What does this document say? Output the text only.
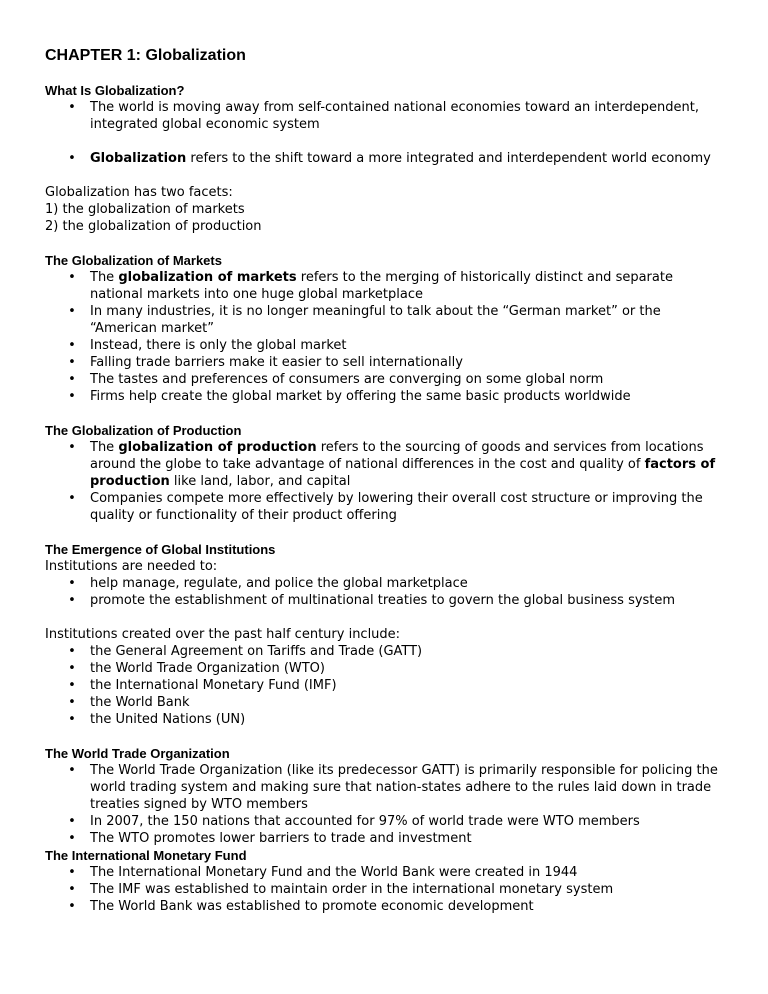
CHAPTER 1: Globalization
What Is Globalization?
• The world is moving away from self-contained national economies toward an interdependent, integrated global economic system
• Globalization refers to the shift toward a more integrated and interdependent world economy

Globalization has two facets:

1) the globalization of markets

2) the globalization of production

The Globalization of Markets
• The globalization of markets refers to the merging of historically distinct and separate national markets into one huge global marketplace
• In many industries, it is no longer meaningful to talk about the “German market” or the “American market”
• Instead, there is only the global market
• Falling trade barriers make it easier to sell internationally
• The tastes and preferences of consumers are converging on some global norm
• Firms help create the global market by offering the same basic products worldwide
The Globalization of Production
• The globalization of production refers to the sourcing of goods and services from locations around the globe to take advantage of national differences in the cost and quality of factors of production like land, labor, and capital
• Companies compete more effectively by lowering their overall cost structure or improving the quality or functionality of their product offering
The Emergence of Global Institutions

Institutions are needed to:

• help manage, regulate, and police the global marketplace
• promote the establishment of multinational treaties to govern the global business system

Institutions created over the past half century include:

• the General Agreement on Tariffs and Trade (GATT)
• the World Trade Organization (WTO)
• the International Monetary Fund (IMF)
• the World Bank
• the United Nations (UN)
The World Trade Organization
• The World Trade Organization (like its predecessor GATT) is primarily responsible for policing the world trading system and making sure that nation-states adhere to the rules laid down in trade treaties signed by WTO members
• In 2007, the 150 nations that accounted for 97% of world trade were WTO members
• The WTO promotes lower barriers to trade and investment
The International Monetary Fund
• The International Monetary Fund and the World Bank were created in 1944
• The IMF was established to maintain order in the international monetary system
• The World Bank was established to promote economic development
